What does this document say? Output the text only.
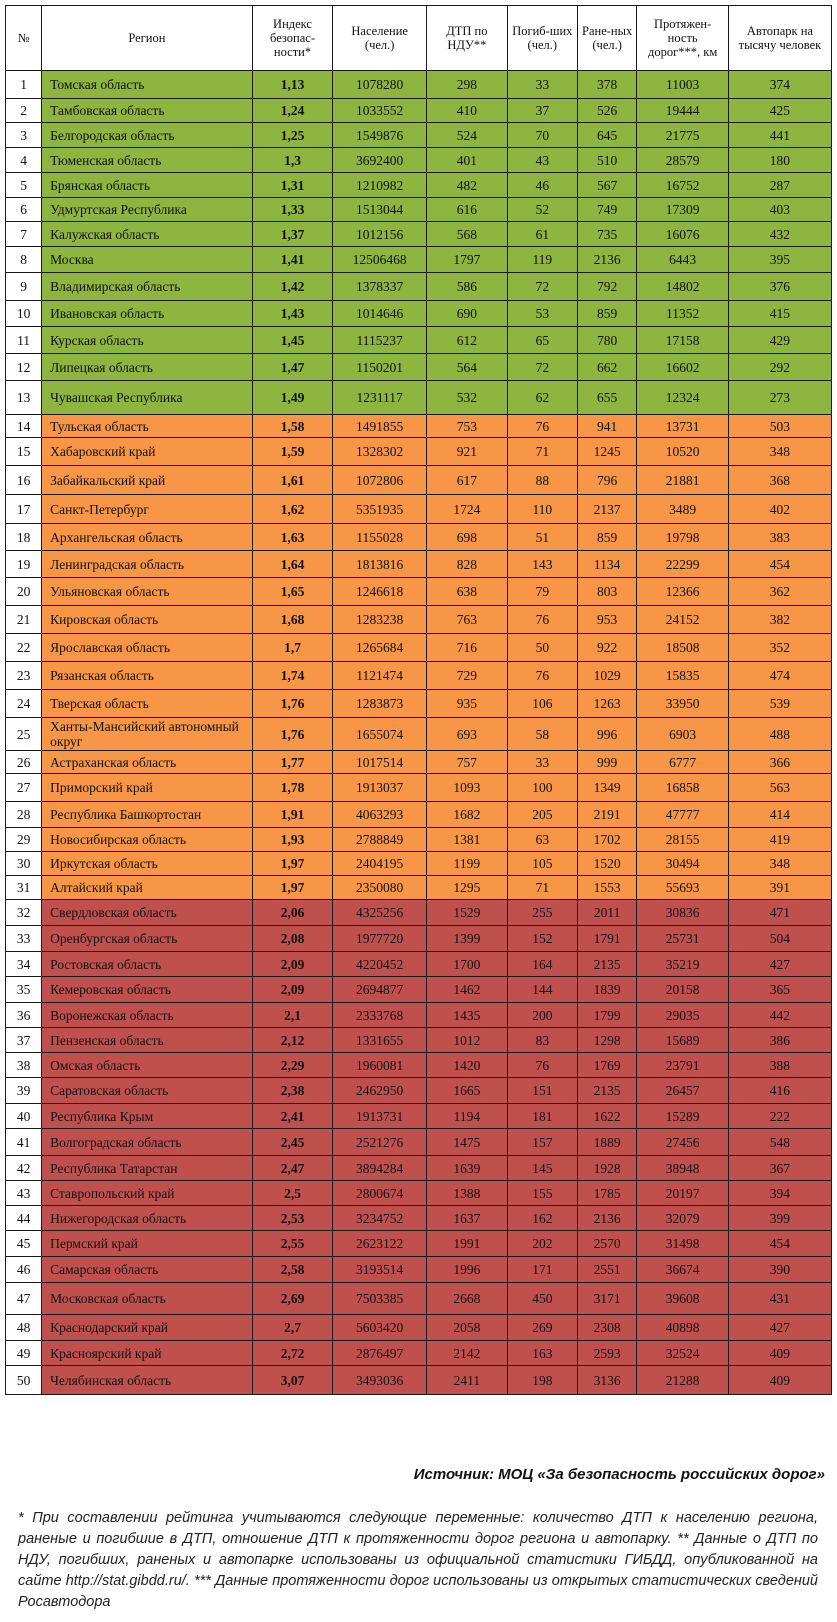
№	Регион	Индекс безопас-ности*	Население (чел.)	ДТП по НДУ**	Погиб-ших (чел.)	Ране-ных (чел.)	Протяжен-ность дорог***, км	Автопарк на тысячу человек
1	Томская область	1,13	1078280	298	33	378	11003	374
2	Тамбовская область	1,24	1033552	410	37	526	19444	425
3	Белгородская область	1,25	1549876	524	70	645	21775	441
4	Тюменская область	1,3	3692400	401	43	510	28579	180
5	Брянская область	1,31	1210982	482	46	567	16752	287
6	Удмуртская Республика	1,33	1513044	616	52	749	17309	403
7	Калужская область	1,37	1012156	568	61	735	16076	432
8	Москва	1,41	12506468	1797	119	2136	6443	395
9	Владимирская область	1,42	1378337	586	72	792	14802	376
10	Ивановская область	1,43	1014646	690	53	859	11352	415
11	Курская область	1,45	1115237	612	65	780	17158	429
12	Липецкая область	1,47	1150201	564	72	662	16602	292
13	Чувашская Республика	1,49	1231117	532	62	655	12324	273
14	Тульская область	1,58	1491855	753	76	941	13731	503
15	Хабаровский край	1,59	1328302	921	71	1245	10520	348
16	Забайкальский край	1,61	1072806	617	88	796	21881	368
17	Санкт-Петербург	1,62	5351935	1724	110	2137	3489	402
18	Архангельская область	1,63	1155028	698	51	859	19798	383
19	Ленинградская область	1,64	1813816	828	143	1134	22299	454
20	Ульяновская область	1,65	1246618	638	79	803	12366	362
21	Кировская область	1,68	1283238	763	76	953	24152	382
22	Ярославская область	1,7	1265684	716	50	922	18508	352
23	Рязанская область	1,74	1121474	729	76	1029	15835	474
24	Тверская область	1,76	1283873	935	106	1263	33950	539
25	Ханты-Мансийский автономный округ	1,76	1655074	693	58	996	6903	488
26	Астраханская область	1,77	1017514	757	33	999	6777	366
27	Приморский край	1,78	1913037	1093	100	1349	16858	563
28	Республика Башкортостан	1,91	4063293	1682	205	2191	47777	414
29	Новосибирская область	1,93	2788849	1381	63	1702	28155	419
30	Иркутская область	1,97	2404195	1199	105	1520	30494	348
31	Алтайский край	1,97	2350080	1295	71	1553	55693	391
32	Свердловская область	2,06	4325256	1529	255	2011	30836	471
33	Оренбургская область	2,08	1977720	1399	152	1791	25731	504
34	Ростовская область	2,09	4220452	1700	164	2135	35219	427
35	Кемеровская область	2,09	2694877	1462	144	1839	20158	365
36	Воронежская область	2,1	2333768	1435	200	1799	29035	442
37	Пензенская область	2,12	1331655	1012	83	1298	15689	386
38	Омская область	2,29	1960081	1420	76	1769	23791	388
39	Саратовская область	2,38	2462950	1665	151	2135	26457	416
40	Республика Крым	2,41	1913731	1194	181	1622	15289	222
41	Волгоградская область	2,45	2521276	1475	157	1889	27456	548
42	Республика Татарстан	2,47	3894284	1639	145	1928	38948	367
43	Ставропольский край	2,5	2800674	1388	155	1785	20197	394
44	Нижегородская область	2,53	3234752	1637	162	2136	32079	399
45	Пермский край	2,55	2623122	1991	202	2570	31498	454
46	Самарская область	2,58	3193514	1996	171	2551	36674	390
47	Московская область	2,69	7503385	2668	450	3171	39608	431
48	Краснодарский край	2,7	5603420	2058	269	2308	40898	427
49	Красноярский край	2,72	2876497	2142	163	2593	32524	409
50	Челябинская область	3,07	3493036	2411	198	3136	21288	409
Источник: МОЦ «За безопасность российских дорог»
* При составлении рейтинга учитываются следующие переменные: количество ДТП к населению региона, раненые и погибшие в ДТП, отношение ДТП к протяженности дорог региона и автопарку. ** Данные о ДТП по НДУ, погибших, раненых и автопарке использованы из официальной статистики ГИБДД, опубликованной на сайте http://stat.gibdd.ru/. *** Данные протяженности дорог использованы из открытых статистических сведений Росавтодора
